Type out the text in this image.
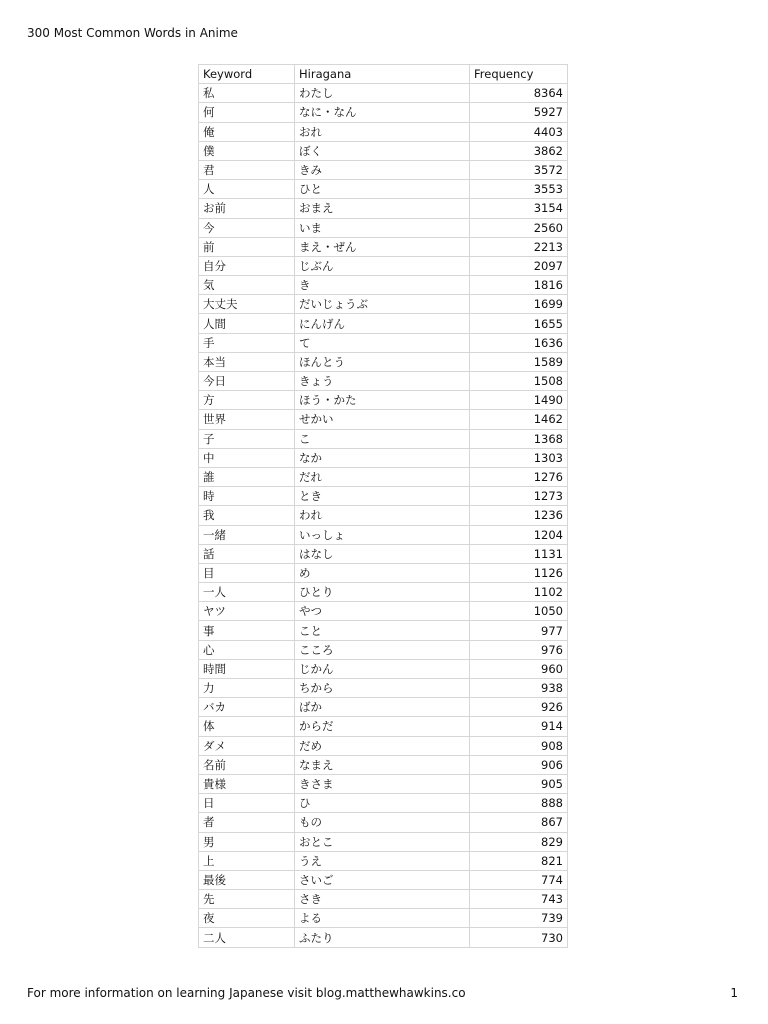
300 Most Common Words in Anime
Keyword	Hiragana	Frequency
私	わたし	8364
何	なに・なん	5927
俺	おれ	4403
僕	ぼく	3862
君	きみ	3572
人	ひと	3553
お前	おまえ	3154
今	いま	2560
前	まえ・ぜん	2213
自分	じぶん	2097
気	き	1816
大丈夫	だいじょうぶ	1699
人間	にんげん	1655
手	て	1636
本当	ほんとう	1589
今日	きょう	1508
方	ほう・かた	1490
世界	せかい	1462
子	こ	1368
中	なか	1303
誰	だれ	1276
時	とき	1273
我	われ	1236
一緒	いっしょ	1204
話	はなし	1131
目	め	1126
一人	ひとり	1102
ヤツ	やつ	1050
事	こと	977
心	こころ	976
時間	じかん	960
力	ちから	938
バカ	ばか	926
体	からだ	914
ダメ	だめ	908
名前	なまえ	906
貴様	きさま	905
日	ひ	888
者	もの	867
男	おとこ	829
上	うえ	821
最後	さいご	774
先	さき	743
夜	よる	739
二人	ふたり	730
For more information on learning Japanese visit blog.matthewhawkins.co	1
